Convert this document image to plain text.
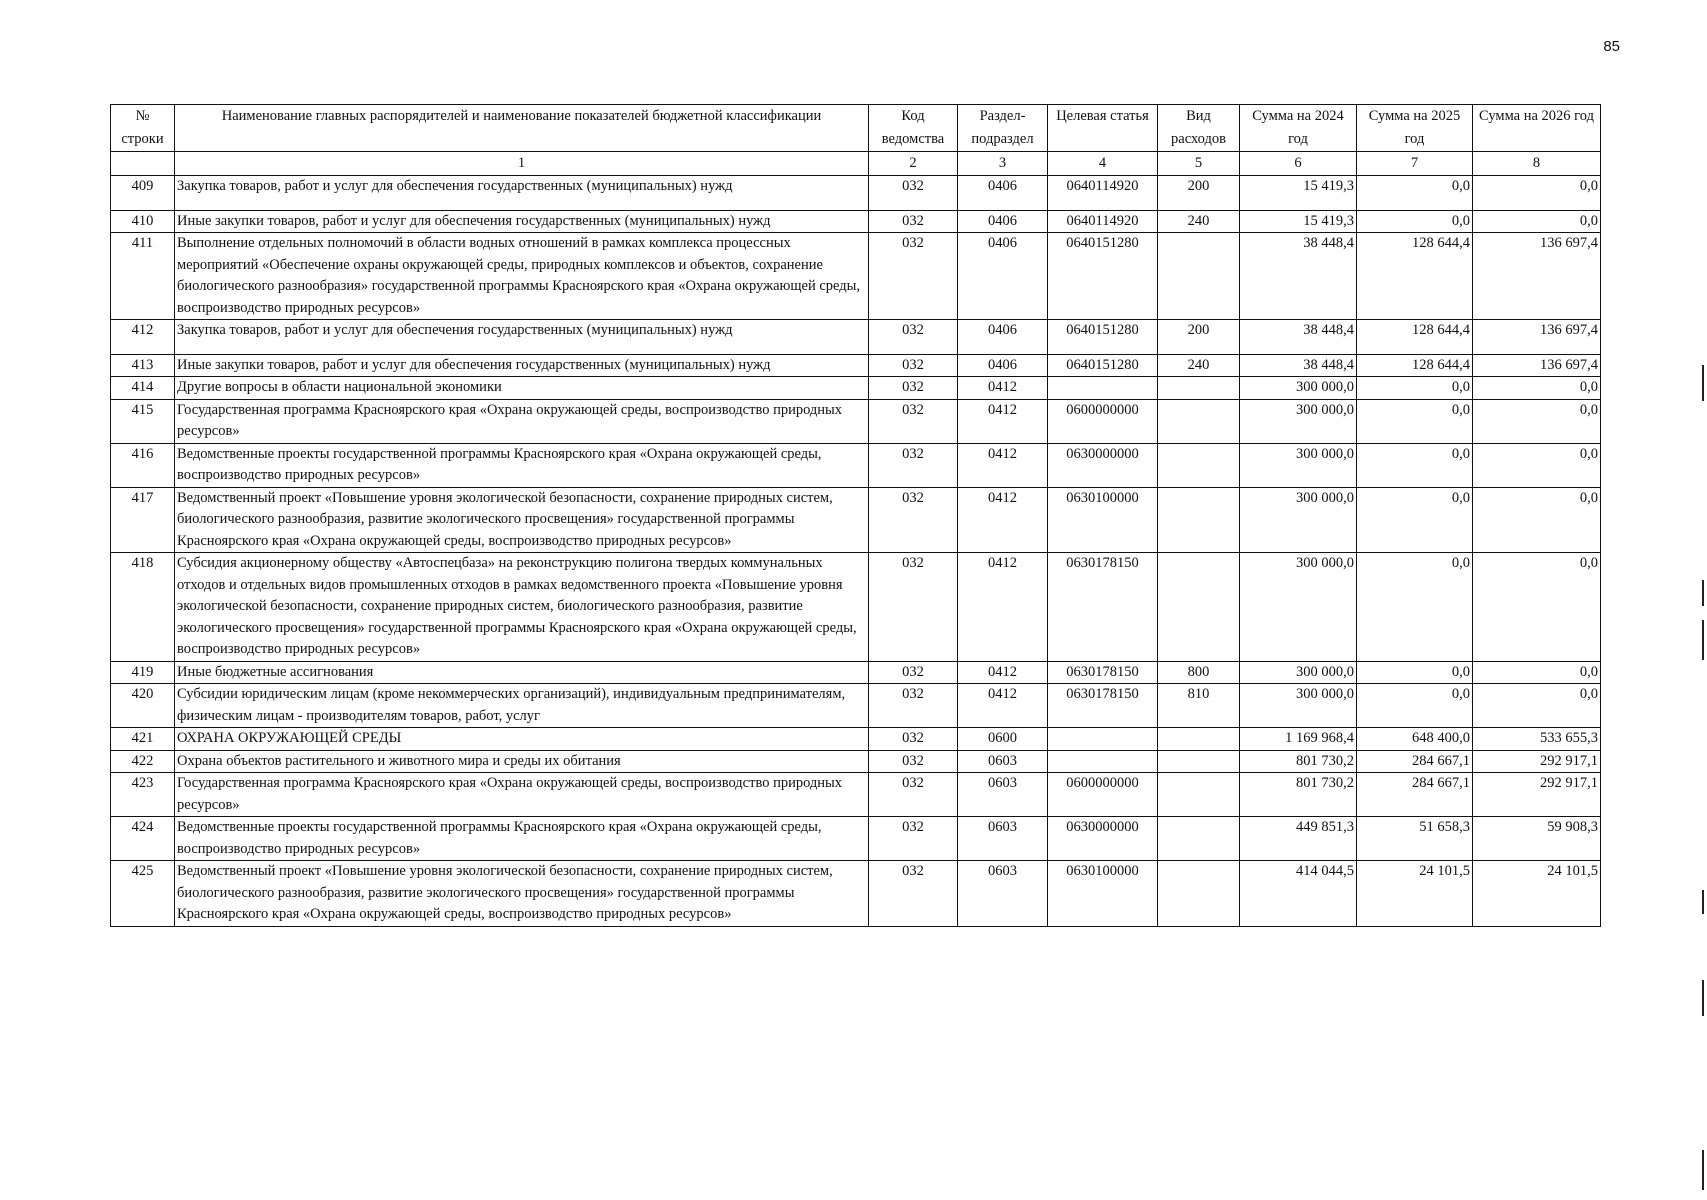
85
№ строки	Наименование главных распорядителей и наименование показателей бюджетной классификации	Код ведомства	Раздел-подраздел	Целевая статья	Вид расходов	Сумма на 2024 год	Сумма на 2025 год	Сумма на 2026 год
	1	2	3	4	5	6	7	8
409	Закупка товаров, работ и услуг для обеспечения государственных (муниципальных) нужд	032	0406	0640114920	200	15 419,3	0,0	0,0
410	Иные закупки товаров, работ и услуг для обеспечения государственных (муниципальных) нужд	032	0406	0640114920	240	15 419,3	0,0	0,0
411	Выполнение отдельных полномочий в области водных отношений в рамках комплекса процессных мероприятий «Обеспечение охраны окружающей среды, природных комплексов и объектов, сохранение биологического разнообразия» государственной программы Красноярского края «Охрана окружающей среды, воспроизводство природных ресурсов»	032	0406	0640151280		38 448,4	128 644,4	136 697,4
412	Закупка товаров, работ и услуг для обеспечения государственных (муниципальных) нужд	032	0406	0640151280	200	38 448,4	128 644,4	136 697,4
413	Иные закупки товаров, работ и услуг для обеспечения государственных (муниципальных) нужд	032	0406	0640151280	240	38 448,4	128 644,4	136 697,4
414	Другие вопросы в области национальной экономики	032	0412			300 000,0	0,0	0,0
415	Государственная программа Красноярского края «Охрана окружающей среды, воспроизводство природных ресурсов»	032	0412	0600000000		300 000,0	0,0	0,0
416	Ведомственные проекты государственной программы Красноярского края «Охрана окружающей среды, воспроизводство природных ресурсов»	032	0412	0630000000		300 000,0	0,0	0,0
417	Ведомственный проект «Повышение уровня экологической безопасности, сохранение природных систем, биологического разнообразия, развитие экологического просвещения» государственной программы Красноярского края «Охрана окружающей среды, воспроизводство природных ресурсов»	032	0412	0630100000		300 000,0	0,0	0,0
418	Субсидия акционерному обществу «Автоспецбаза» на реконструкцию полигона твердых коммунальных отходов и отдельных видов промышленных отходов в рамках ведомственного проекта «Повышение уровня экологической безопасности, сохранение природных систем, биологического разнообразия, развитие экологического просвещения» государственной программы Красноярского края «Охрана окружающей среды, воспроизводство природных ресурсов»	032	0412	0630178150		300 000,0	0,0	0,0
419	Иные бюджетные ассигнования	032	0412	0630178150	800	300 000,0	0,0	0,0
420	Субсидии юридическим лицам (кроме некоммерческих организаций), индивидуальным предпринимателям, физическим лицам - производителям товаров, работ, услуг	032	0412	0630178150	810	300 000,0	0,0	0,0
421	ОХРАНА ОКРУЖАЮЩЕЙ СРЕДЫ	032	0600			1 169 968,4	648 400,0	533 655,3
422	Охрана объектов растительного и животного мира и среды их обитания	032	0603			801 730,2	284 667,1	292 917,1
423	Государственная программа Красноярского края «Охрана окружающей среды, воспроизводство природных ресурсов»	032	0603	0600000000		801 730,2	284 667,1	292 917,1
424	Ведомственные проекты государственной программы Красноярского края «Охрана окружающей среды, воспроизводство природных ресурсов»	032	0603	0630000000		449 851,3	51 658,3	59 908,3
425	Ведомственный проект «Повышение уровня экологической безопасности, сохранение природных систем, биологического разнообразия, развитие экологического просвещения» государственной программы Красноярского края «Охрана окружающей среды, воспроизводство природных ресурсов»	032	0603	0630100000		414 044,5	24 101,5	24 101,5
